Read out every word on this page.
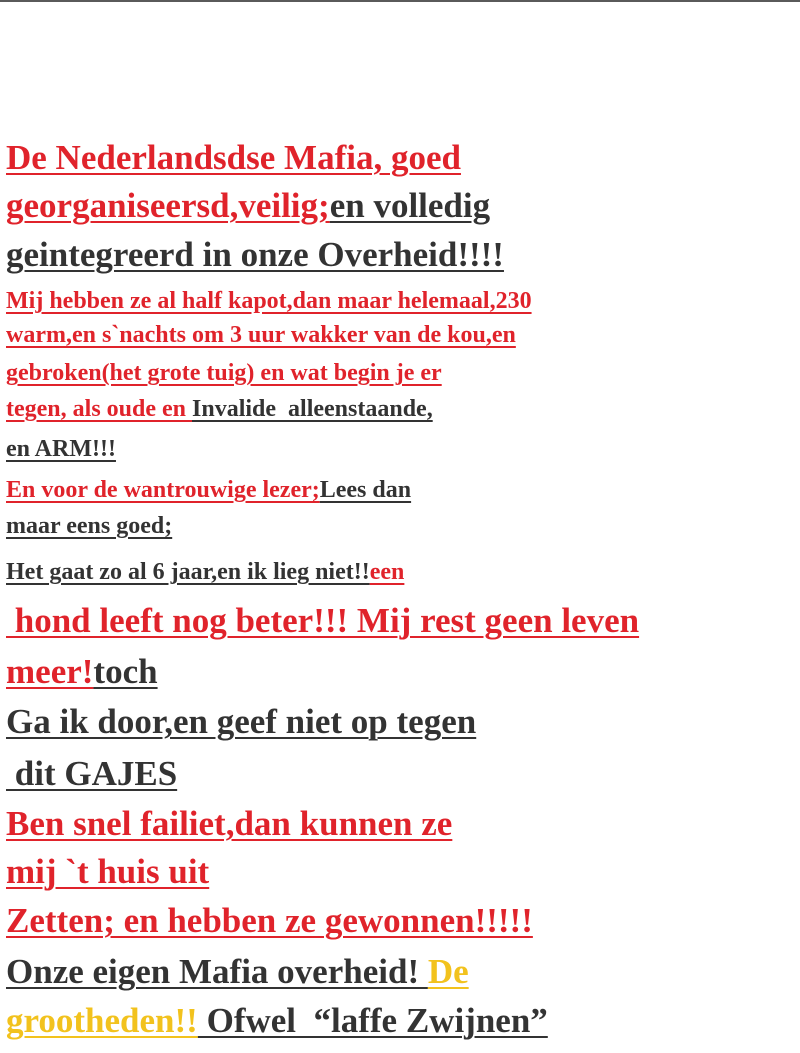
De Nederlandsdse Mafia, goed
georganiseersd,veilig;en volledig
geintegreerd in onze Overheid!!!!
Mij hebben ze al half kapot,dan maar helemaal,230
warm,en s`nachts om 3 uur wakker van de kou,en
gebroken(het grote tuig) en wat begin je er
tegen, als oude en Invalide  alleenstaande,
en ARM!!!
En voor de wantrouwige lezer;Lees dan
maar eens goed;
Het gaat zo al 6 jaar,en ik lieg niet!!een
hond leeft nog beter!!! Mij rest geen leven
meer!toch
Ga ik door,en geef niet op tegen
dit GAJES
Ben snel failiet,dan kunnen ze
mij `t huis uit
Zetten; en hebben ze gewonnen!!!!!
Onze eigen Mafia overheid! De
grootheden!! Ofwel  “laffe Zwijnen”
